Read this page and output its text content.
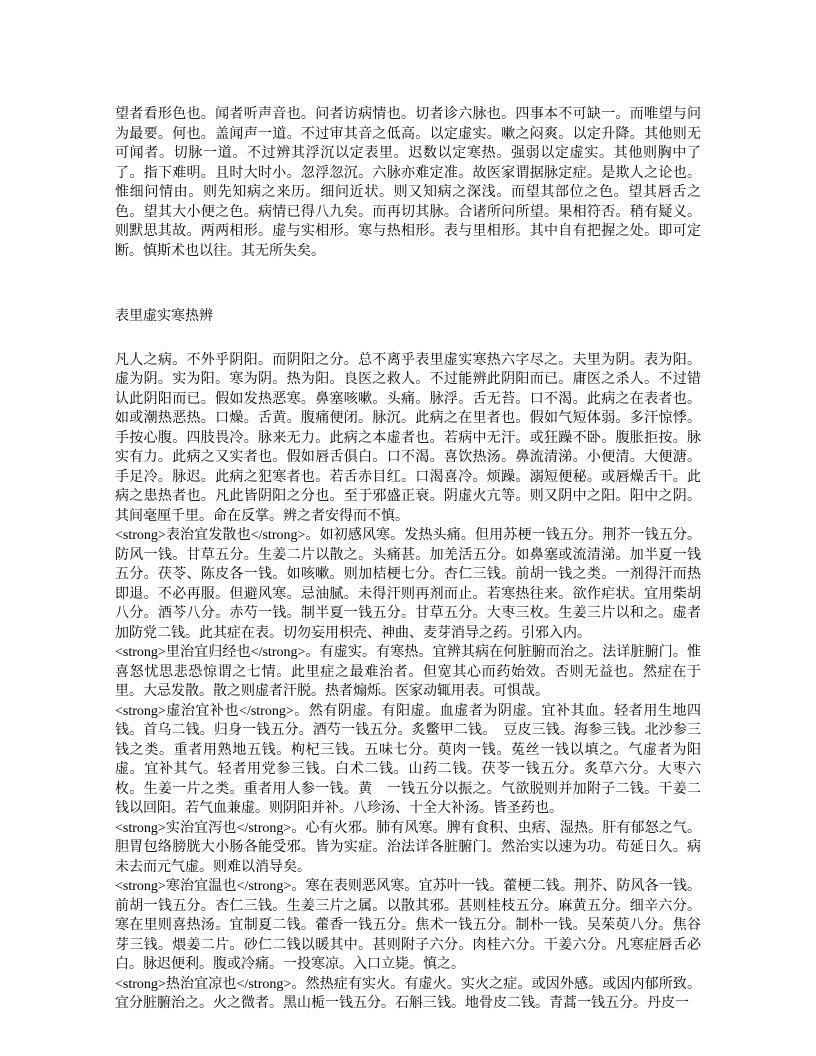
望者看形色也。闻者听声音也。问者访病情也。切者诊六脉也。四事本不可缺一。而唯望与问为最要。何也。盖闻声一道。不过审其音之低高。以定虚实。嗽之闷爽。以定升降。其他则无可闻者。切脉一道。不过辨其浮沉以定表里。迟数以定寒热。强弱以定虚实。其他则胸中了了。指下难明。且时大时小。忽浮忽沉。六脉亦难定准。故医家谓据脉定症。是欺人之论也。惟细问情由。则先知病之来历。细问近状。则又知病之深浅。而望其部位之色。望其唇舌之色。望其大小便之色。病情已得八九矣。而再切其脉。合诸所问所望。果相符否。稍有疑义。则默思其故。两两相形。虚与实相形。寒与热相形。表与里相形。其中自有把握之处。即可定断。慎斯术也以往。其无所失矣。

表里虚实寒热辨

凡人之病。不外乎阴阳。而阴阳之分。总不离乎表里虚实寒热六字尽之。夫里为阴。表为阳。虚为阴。实为阳。寒为阴。热为阳。良医之救人。不过能辨此阴阳而已。庸医之杀人。不过错认此阴阳而已。假如发热恶寒。鼻塞咳嗽。头痛。脉浮。舌无苔。口不渴。此病之在表者也。如或潮热恶热。口燥。舌黄。腹痛便闭。脉沉。此病之在里者也。假如气短体弱。多汗惊悸。手按心腹。四肢畏冷。脉来无力。此病之本虚者也。若病中无汗。或狂躁不卧。腹胀拒按。脉实有力。此病之又实者也。假如唇舌俱白。口不渴。喜饮热汤。鼻流清涕。小便清。大便溏。手足冷。脉迟。此病之犯寒者也。若舌赤目红。口渴喜冷。烦躁。溺短便秘。或唇燥舌干。此病之患热者也。凡此皆阴阳之分也。至于邪盛正衰。阴虚火亢等。则又阴中之阳。阳中之阴。其间毫厘千里。命在反掌。辨之者安得而不慎。

<strong>表治宜发散也</strong>。如初感风寒。发热头痛。但用苏梗一钱五分。荆芥一钱五分。防风一钱。甘草五分。生姜二片以散之。头痛甚。加羌活五分。如鼻塞或流清涕。加半夏一钱五分。茯苓、陈皮各一钱。如咳嗽。则加桔梗七分。杏仁三钱。前胡一钱之类。一剂得汗而热即退。不必再服。但避风寒。忌油腻。未得汗则再剂而止。若寒热往来。欲作疟状。宜用柴胡八分。酒芩八分。赤芍一钱。制半夏一钱五分。甘草五分。大枣三枚。生姜三片以和之。虚者加防党二钱。此其症在表。切勿妄用枳壳、神曲、麦芽消导之药。引邪入内。

<strong>里治宜归经也</strong>。有虚实。有寒热。宜辨其病在何脏腑而治之。法详脏腑门。惟喜怒忧思悲恐惊谓之七情。此里症之最难治者。但宽其心而药始效。否则无益也。然症在于里。大忌发散。散之则虚者汗脱。热者煽烁。医家动辄用表。可惧哉。

<strong>虚治宜补也</strong>。然有阴虚。有阳虚。血虚者为阴虚。宜补其血。轻者用生地四钱。首乌二钱。归身一钱五分。酒芍一钱五分。炙鳖甲二钱。　豆皮三钱。海参三钱。北沙参三钱之类。重者用熟地五钱。枸杞三钱。五味七分。萸肉一钱。菟丝一钱以填之。气虚者为阳虚。宜补其气。轻者用党参三钱。白术二钱。山药二钱。茯苓一钱五分。炙草六分。大枣六枚。生姜一片之类。重者用人参一钱。黄　一钱五分以振之。气欲脱则并加附子二钱。干姜二钱以回阳。若气血兼虚。则阴阳并补。八珍汤、十全大补汤。皆圣药也。

<strong>实治宜泻也</strong>。心有火邪。肺有风寒。脾有食积、虫痞、湿热。肝有郁怒之气。胆胃包络膀胱大小肠各能受邪。皆为实症。治法详各脏腑门。然治实以速为功。苟延日久。病未去而元气虚。则难以消导矣。

<strong>寒治宜温也</strong>。寒在表则恶风寒。宜苏叶一钱。藿梗二钱。荆芥、防风各一钱。前胡一钱五分。杏仁三钱。生姜三片之属。以散其邪。甚则桂枝五分。麻黄五分。细辛六分。寒在里则喜热汤。宜制夏二钱。藿香一钱五分。焦术一钱五分。制朴一钱。吴茱萸八分。焦谷芽三钱。煨姜二片。砂仁二钱以暖其中。甚则附子六分。肉桂六分。干姜六分。凡寒症唇舌必白。脉迟便利。腹或冷痛。一投寒凉。入口立毙。慎之。

<strong>热治宜凉也</strong>。然热症有实火。有虚火。实火之症。或因外感。或因内郁所致。宜分脏腑治之。火之微者。黑山栀一钱五分。石斛三钱。地骨皮二钱。青蒿一钱五分。丹皮一
